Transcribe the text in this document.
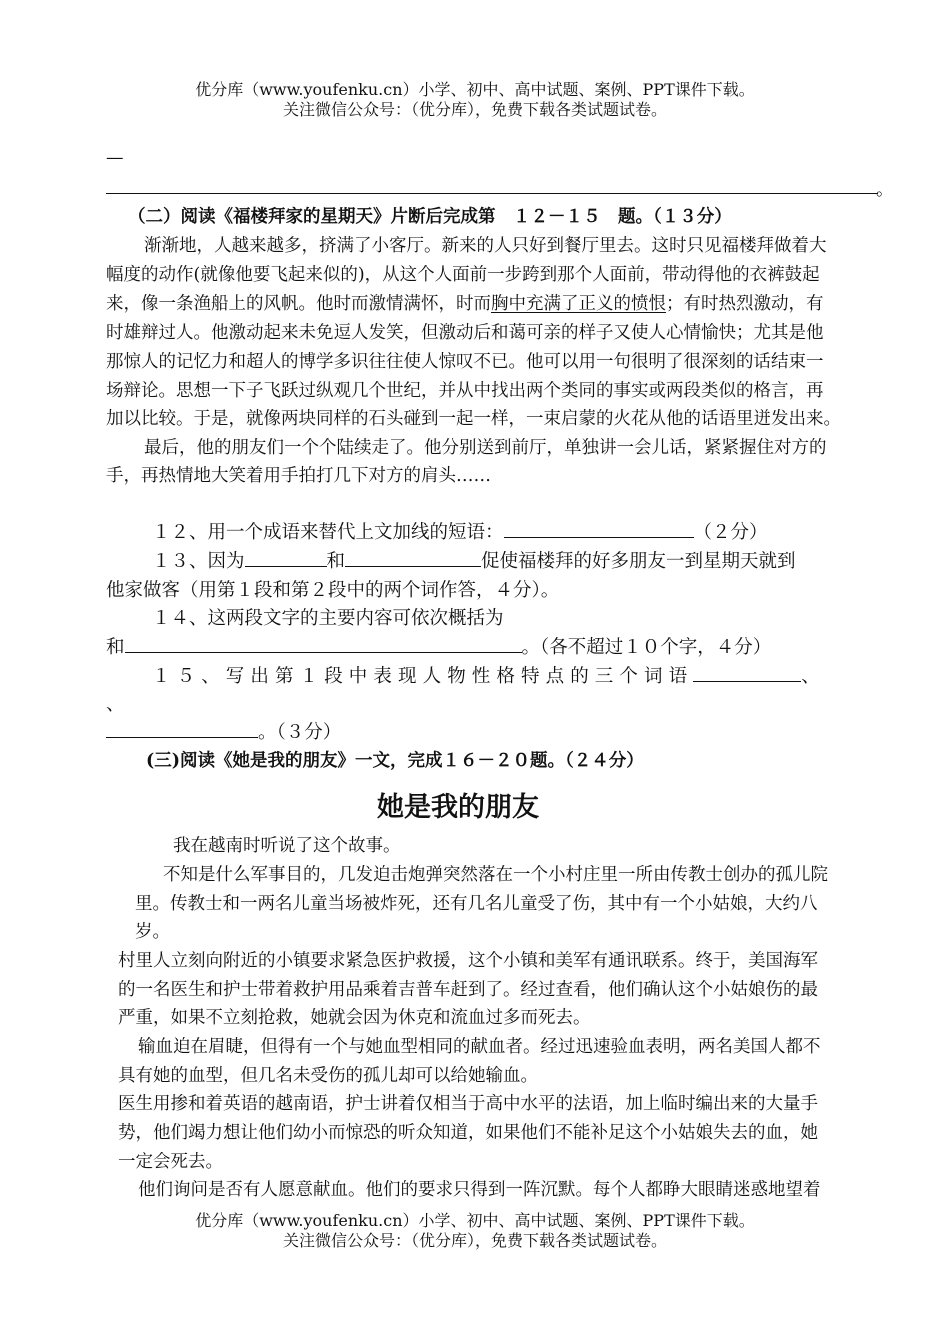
优分库（www.youfenku.cn）小学、初中、高中试题、案例、PPT课件下载。
关注微信公众号：（优分库），免费下载各类试题试卷。
—
。
（二）阅读《福楼拜家的星期天》片断后完成第　１２－１５　题。（１３分）
渐渐地，人越来越多，挤满了小客厅。新来的人只好到餐厅里去。这时只见福楼拜做着大
幅度的动作(就像他要飞起来似的)，从这个人面前一步跨到那个人面前，带动得他的衣裤鼓起
来，像一条渔船上的风帆。他时而激情满怀，时而胸中充满了正义的愤恨；有时热烈激动，有
时雄辩过人。他激动起来未免逗人发笑，但激动后和蔼可亲的样子又使人心情愉快；尤其是他
那惊人的记忆力和超人的博学多识往往使人惊叹不已。他可以用一句很明了很深刻的话结束一
场辩论。思想一下子飞跃过纵观几个世纪，并从中找出两个类同的事实或两段类似的格言，再
加以比较。于是，就像两块同样的石头碰到一起一样，一束启蒙的火花从他的话语里迸发出来。
最后，他的朋友们一个个陆续走了。他分别送到前厅，单独讲一会儿话，紧紧握住对方的
手，再热情地大笑着用手拍打几下对方的肩头……
１２、用一个成语来替代上文加线的短语：	（２分）
１３、因为	和	促使福楼拜的好多朋友一到星期天就到
他家做客（用第１段和第２段中的两个词作答，４分）。
１４、这两段文字的主要内容可依次概括为
和	。（各不超过１０个字，４分）
１５、写出第１段中表现人物性格特点的三个词语	、
、
。（３分）
(三)阅读《她是我的朋友》一文，完成１６－２０题。（２４分）
她是我的朋友
我在越南时听说了这个故事。
不知是什么军事目的，几发迫击炮弹突然落在一个小村庄里一所由传教士创办的孤儿院
里。传教士和一两名儿童当场被炸死，还有几名儿童受了伤，其中有一个小姑娘，大约八
岁。
村里人立刻向附近的小镇要求紧急医护救援，这个小镇和美军有通讯联系。终于，美国海军
的一名医生和护士带着救护用品乘着吉普车赶到了。经过查看，他们确认这个小姑娘伤的最
严重，如果不立刻抢救，她就会因为休克和流血过多而死去。
输血迫在眉睫，但得有一个与她血型相同的献血者。经过迅速验血表明，两名美国人都不
具有她的血型，但几名未受伤的孤儿却可以给她输血。
医生用掺和着英语的越南语，护士讲着仅相当于高中水平的法语，加上临时编出来的大量手
势，他们竭力想让他们幼小而惊恐的听众知道，如果他们不能补足这个小姑娘失去的血，她
一定会死去。
他们询问是否有人愿意献血。他们的要求只得到一阵沉默。每个人都睁大眼睛迷惑地望着
优分库（www.youfenku.cn）小学、初中、高中试题、案例、PPT课件下载。
关注微信公众号：（优分库），免费下载各类试题试卷。
